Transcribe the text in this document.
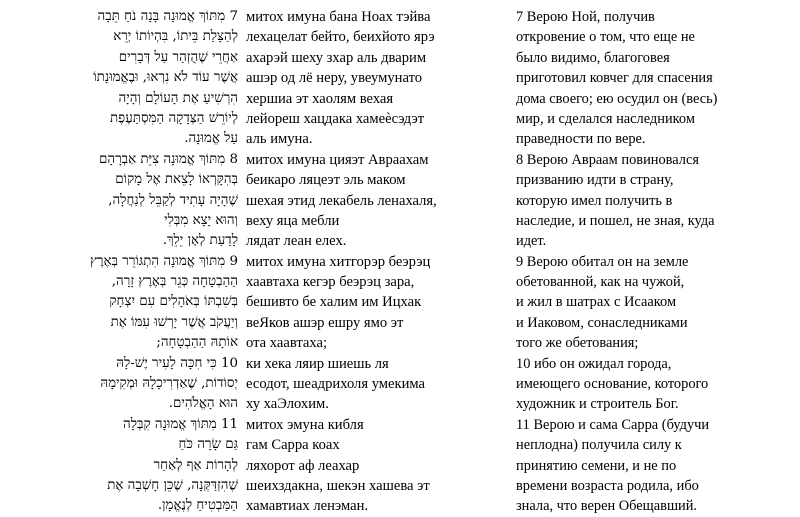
7 מִתּוֹךְ אֱמוּנָה בָּנָה נֹחַ תֵּבָה
לְהַצָּלַת בֵּיתוֹ, בִּהְיוֹתוֹ יְרֵא
אַחֲרֵי שֶׁהֻזְהַר עַל דְּבָרִים
אֲשֶׁר עוֹד לֹא נִרְאוּ, וּבֶאֱמוּנָתוֹ
הִרְשִׁיעַ אֶת הָעוֹלָם וְהָיָה
לְיוֹרֵשׁ הַצְּדָקָה הַמִּסְתַּעֶפֶת
עַל אֱמוּנָה.
8 מִתּוֹךְ אֱמוּנָה צִיֵּת אַבְרָהָם
בְּהִקָּרְאוֹ לָצֵאת אֶל מָקוֹם
שֶׁהָיָה עָתִיד לְקַבֵּל לְנַחֲלָה,
וְהוּא יָצָא מִבְּלִי
לָדַעַת לְאָן יֵלֵךְ.
9 מִתּוֹךְ אֱמוּנָה הִתְגּוֹרֵר בְּאֶרֶץ
הַהַבְטָחָה כְּגֵר בְּאֶרֶץ זָרָה,
בְּשִׁבְתּוֹ בְּאֹהָלִים עִם יִצְחָק
וְיַעֲקֹב אֲשֶׁר יָרְשׁוּ עִמּוֹ אֶת
אוֹתָהּ הַהַבְטָחָה;
10 כִּי חִכָּה לָעִיר יֶשׁ-לָהּ
יְסוֹדוֹת, שֶׁאַדְרִיכָלָהּ וּמְקִימָהּ
הוּא הָאֱלֹהִים.
11 מִתּוֹךְ אֱמוּנָה קִבְּלָה
גַּם שָׂרָה כֹּחַ
לְהָרוֹת אַף לְאַחַר
שֶׁהִזְדַּקְּנָה, שֶׁכֵּן חָשְׁבָה אֶת
הַמַּבְטִיחַ לְנֶאֱמָן.
митох имуна бана Ноах тэйва
лехацелат бейто, беихйото ярэ
ахарэй шеху зхар аль дварим
ашэр од лё неру, увеумунато
хершиа эт хаолям вехая
лейореш хацдака хамеѐсэдэт
аль имуна.
митох имуна цияэт Авраахам
беикаро ляцеэт эль маком
шехая этид лекабель ленахаля,
веху яца мебли
лядат леан елех.
митох имуна хитгорэр беэрэц
хаавтаха кегэр беэрэц зара,
бешивто бе халим им Ицхак
веЯков ашэр ешру ямо эт
ота хаавтаха;
ки хека ляир шиешь ля
есодот, шеадрихоля умекима
ху хаЭлохим.
митох эмуна кибля
гам Сарра коах
ляхорот аф леахар
шеихздакна, шекэн хашева эт
хамавтиах ленэман.
7 Верою Ной, получив
откровение о том, что еще не
было видимо, благоговея
приготовил ковчег для спасения
дома своего; ею осудил он (весь)
мир, и сделался наследником
праведности по вере.
8 Верою Авраам повиновался
призванию идти в страну,
которую имел получить в
наследие, и пошел, не зная, куда
идет.
9 Верою обитал он на земле
обетованной, как на чужой,
и жил в шатрах с Исааком
и Иаковом, сонаследниками
того же обетования;
10 ибо он ожидал города,
имеющего основание, которого
художник и строитель Бог.
11 Верою и сама Сарра (будучи
неплодна) получила силу к
принятию семени, и не по
времени возраста родила, ибо
знала, что верен Обещавший.
